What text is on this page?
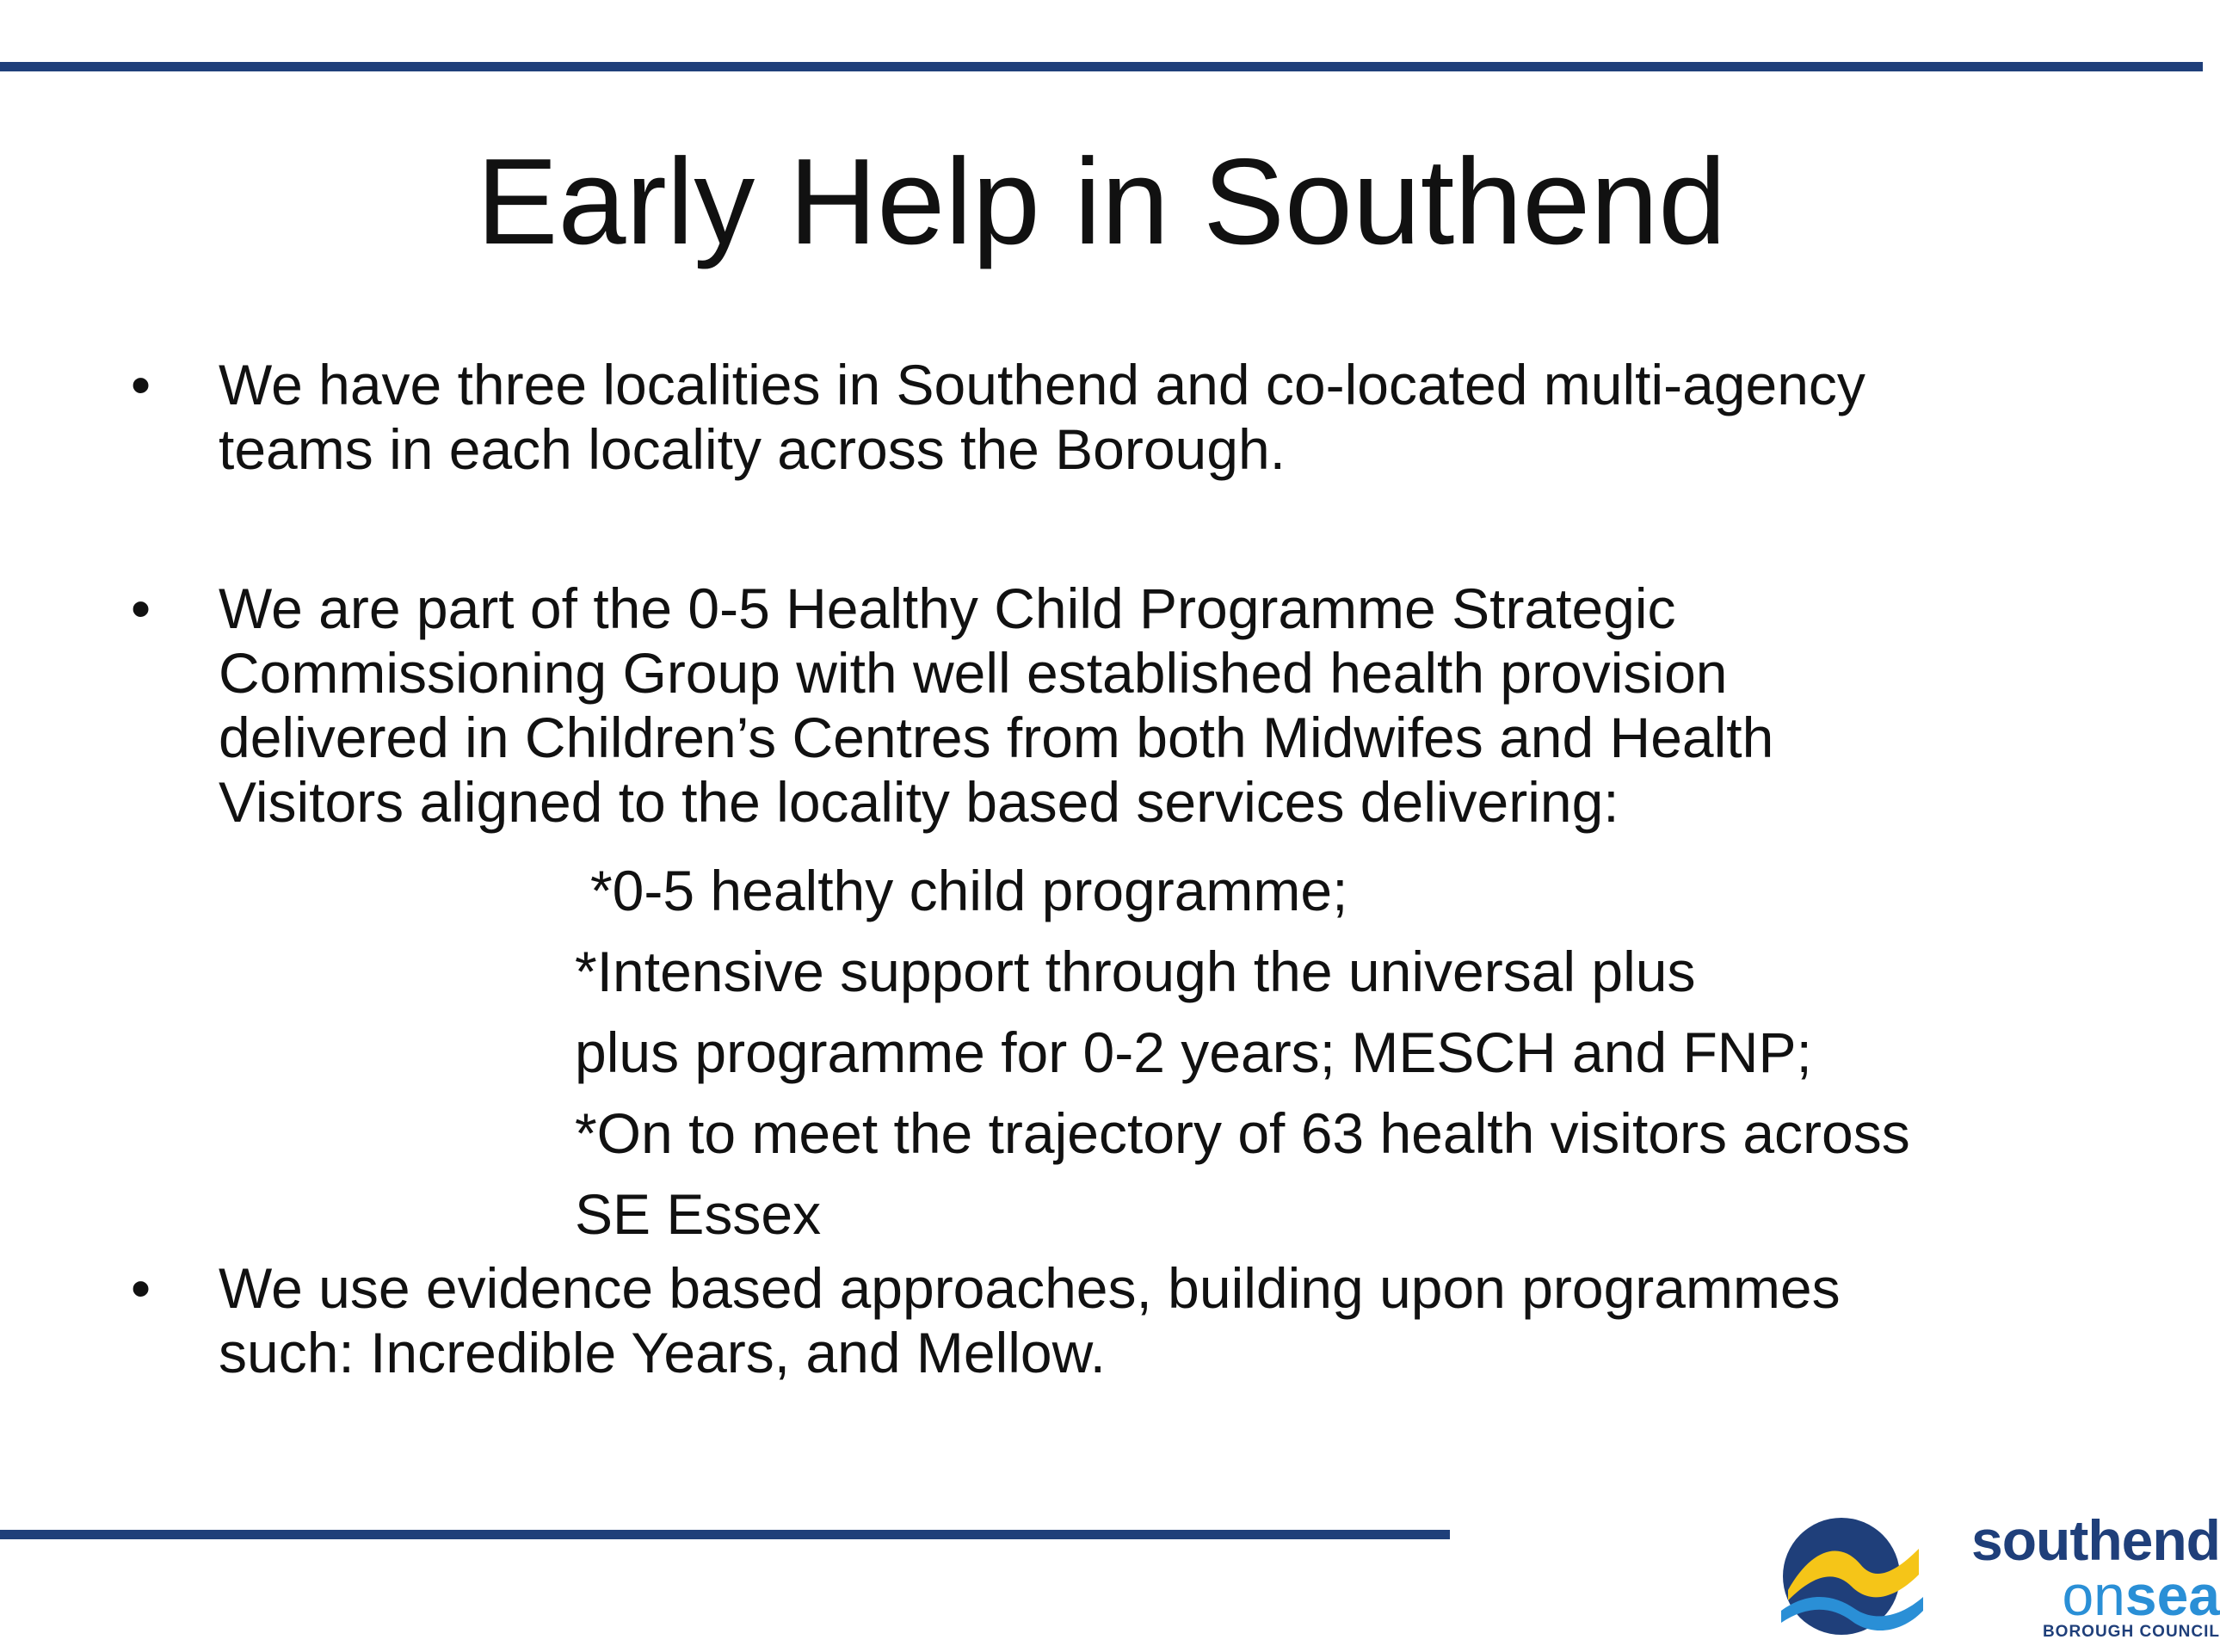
Early Help in Southend
•	We have three localities in Southend and co-located multi-agency
teams in each locality across the Borough.
•	We are part of the 0-5 Healthy Child Programme Strategic
Commissioning Group with well established health provision
delivered in Children’s Centres from both Midwifes and Health
Visitors aligned to the locality based services delivering:
*0-5 healthy child programme;
*Intensive support through the universal plus
plus programme for 0-2 years; MESCH and FNP;
*On to meet the trajectory of 63 health visitors across
SE Essex
•	We use evidence based approaches, building upon programmes
such: Incredible Years, and Mellow.
southend
onsea
BOROUGH COUNCIL
